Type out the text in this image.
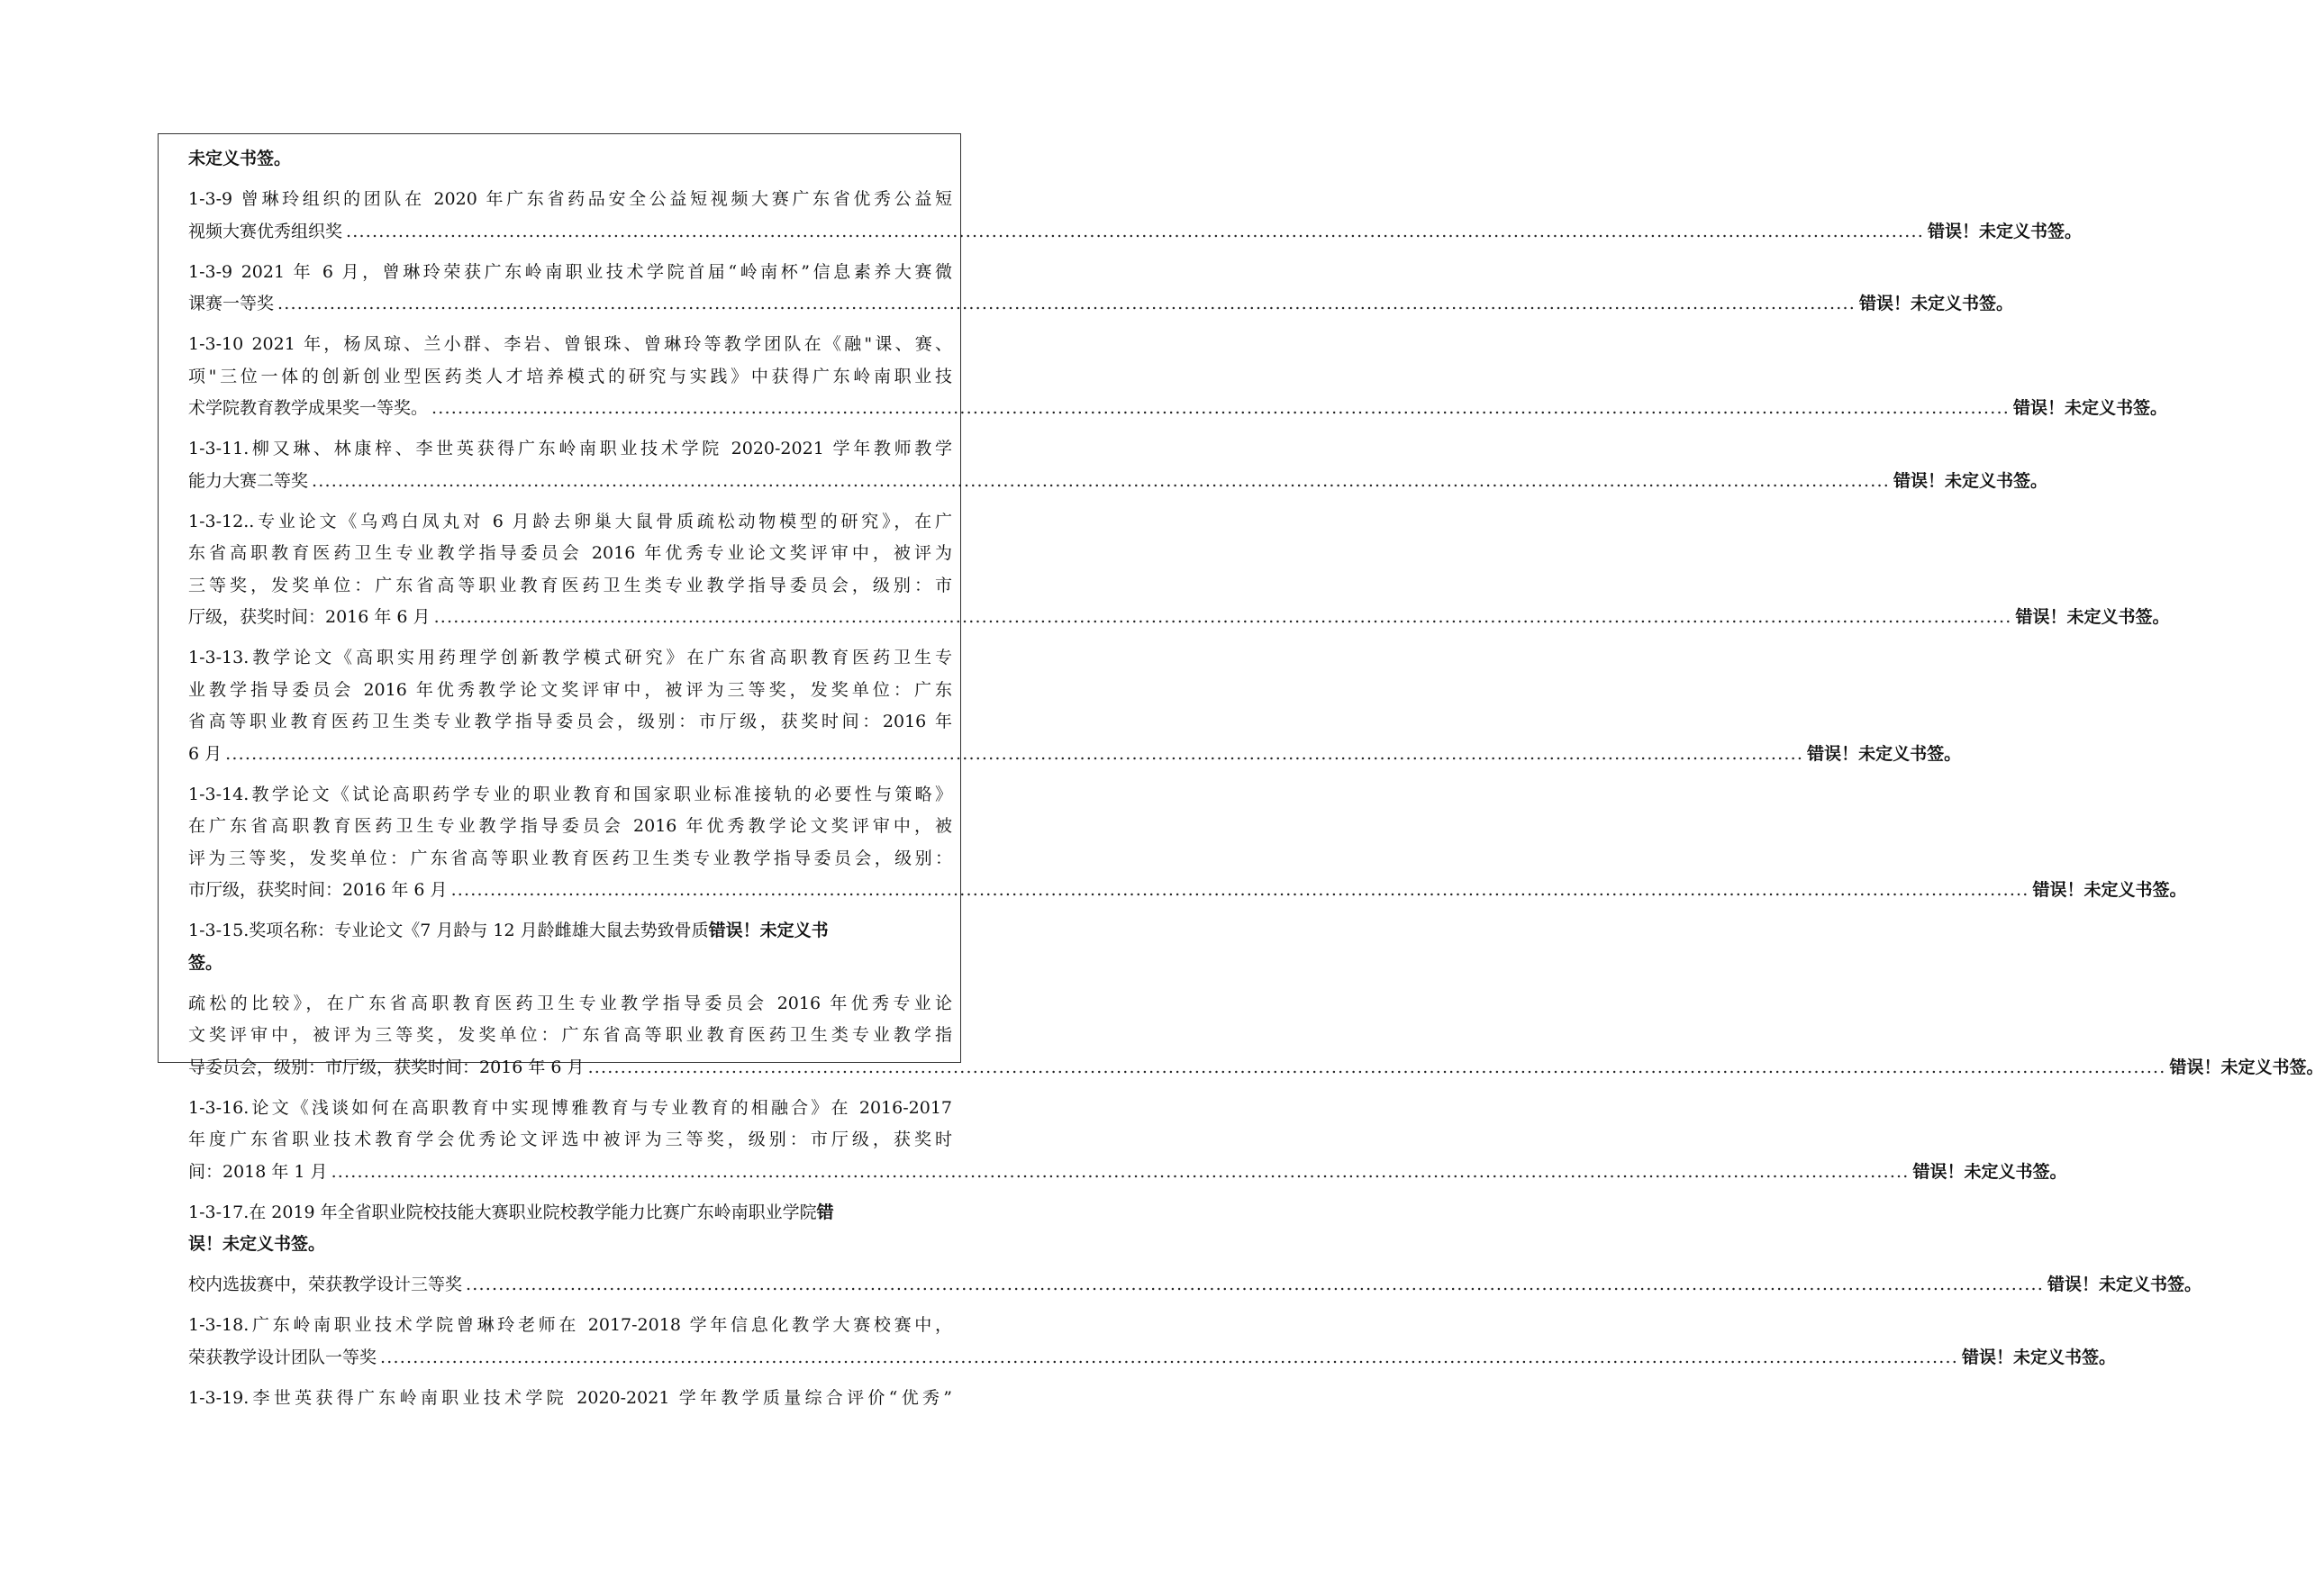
未定义书签。
1-3-9 曾琳玲组织的团队在 2020 年广东省药品安全公益短视频大赛广东省优秀公益短
视频大赛优秀组织奖 .....	错误！未定义书签。
1-3-9 2021 年 6 月，曾琳玲荣获广东岭南职业技术学院首届“岭南杯”信息素养大赛微
课赛一等奖 .....	错误！未定义书签。
1-3-10 2021 年，杨凤琼、兰小群、李岩、曾银珠、曾琳玲等教学团队在《融"课、赛、
项"三位一体的创新创业型医药类人才培养模式的研究与实践》中获得广东岭南职业技
术学院教育教学成果奖一等奖。 .....	错误！未定义书签。
1-3-11.柳又琳、林康梓、李世英获得广东岭南职业技术学院 2020-2021 学年教师教学
能力大赛二等奖 .....	错误！未定义书签。
1-3-12..专业论文《乌鸡白凤丸对 6 月龄去卵巢大鼠骨质疏松动物模型的研究》，在广
东省高职教育医药卫生专业教学指导委员会 2016 年优秀专业论文奖评审中，被评为
三等奖，发奖单位：广东省高等职业教育医药卫生类专业教学指导委员会，级别：市
厅级，获奖时间：2016 年 6 月 .....	错误！未定义书签。
1-3-13.教学论文《高职实用药理学创新教学模式研究》在广东省高职教育医药卫生专
业教学指导委员会 2016 年优秀教学论文奖评审中，被评为三等奖，发奖单位：广东
省高等职业教育医药卫生类专业教学指导委员会，级别：市厅级，获奖时间：2016 年
6 月 .....	错误！未定义书签。
1-3-14.教学论文《试论高职药学专业的职业教育和国家职业标准接轨的必要性与策略》
在广东省高职教育医药卫生专业教学指导委员会 2016 年优秀教学论文奖评审中，被
评为三等奖，发奖单位：广东省高等职业教育医药卫生类专业教学指导委员会，级别：
市厅级，获奖时间：2016 年 6 月 .....	错误！未定义书签。
1-3-15.奖项名称：专业论文《7 月龄与 12 月龄雌雄大鼠去势致骨质错误！未定义书
签。
疏松的比较》，在广东省高职教育医药卫生专业教学指导委员会 2016 年优秀专业论
文奖评审中，被评为三等奖，发奖单位：广东省高等职业教育医药卫生类专业教学指
导委员会，级别：市厅级，获奖时间：2016 年 6 月 .....	错误！未定义书签。
1-3-16.论文《浅谈如何在高职教育中实现博雅教育与专业教育的相融合》在 2016-2017
年度广东省职业技术教育学会优秀论文评选中被评为三等奖，级别：市厅级，获奖时
间：2018 年 1 月 .....	错误！未定义书签。
1-3-17.在 2019 年全省职业院校技能大赛职业院校教学能力比赛广东岭南职业学院错
误！未定义书签。
校内选拔赛中，荣获教学设计三等奖 .....	错误！未定义书签。
1-3-18.广东岭南职业技术学院曾琳玲老师在 2017-2018 学年信息化教学大赛校赛中，
荣获教学设计团队一等奖 .....	错误！未定义书签。
1-3-19.李世英获得广东岭南职业技术学院 2020-2021 学年教学质量综合评价“优秀”
